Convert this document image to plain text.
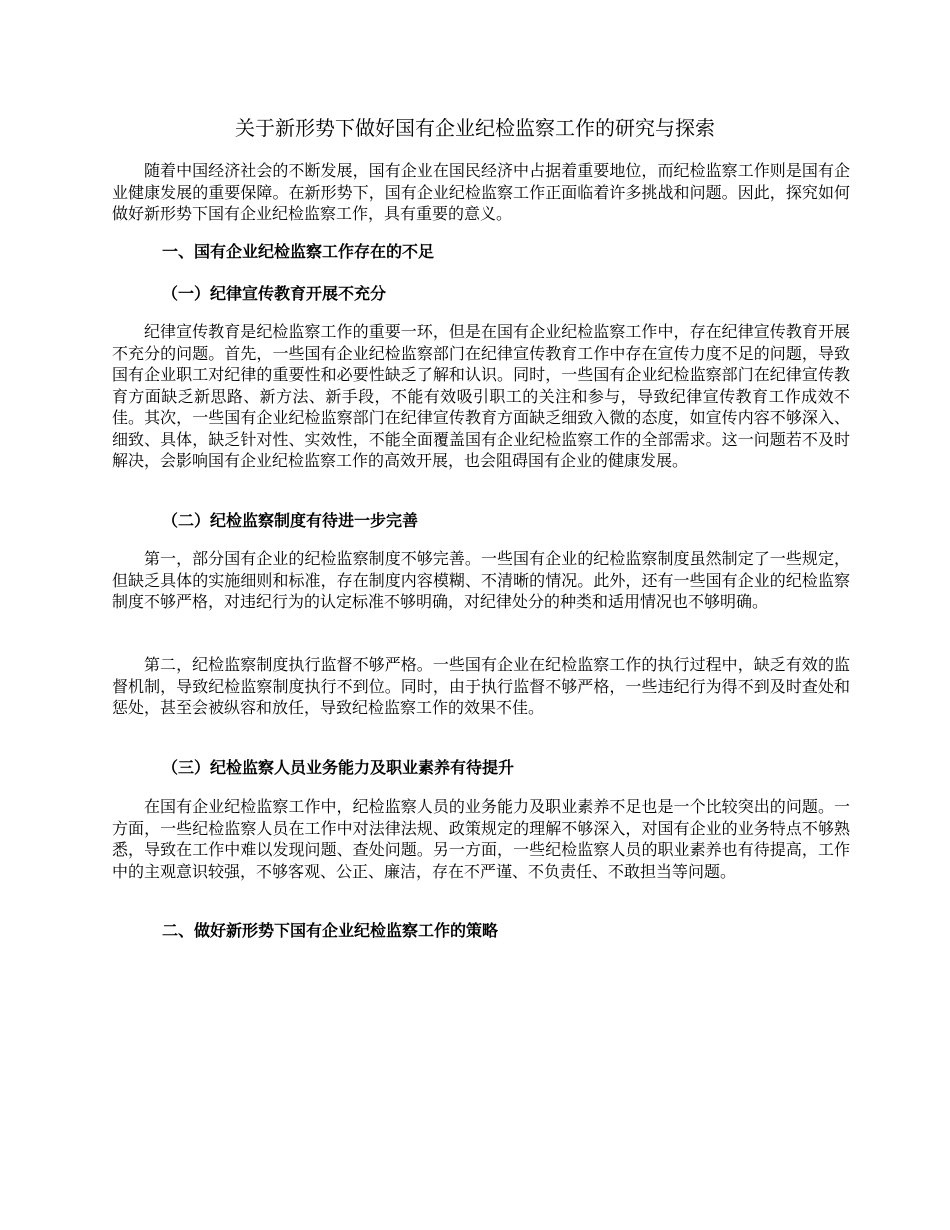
关于新形势下做好国有企业纪检监察工作的研究与探索

随着中国经济社会的不断发展，国有企业在国民经济中占据着重要地位，而纪检监察工作则是国有企业健康发展的重要保障。在新形势下，国有企业纪检监察工作正面临着许多挑战和问题。因此，探究如何做好新形势下国有企业纪检监察工作，具有重要的意义。

一、国有企业纪检监察工作存在的不足

（一）纪律宣传教育开展不充分

纪律宣传教育是纪检监察工作的重要一环，但是在国有企业纪检监察工作中，存在纪律宣传教育开展不充分的问题。首先，一些国有企业纪检监察部门在纪律宣传教育工作中存在宣传力度不足的问题，导致国有企业职工对纪律的重要性和必要性缺乏了解和认识。同时，一些国有企业纪检监察部门在纪律宣传教育方面缺乏新思路、新方法、新手段，不能有效吸引职工的关注和参与，导致纪律宣传教育工作成效不佳。其次，一些国有企业纪检监察部门在纪律宣传教育方面缺乏细致入微的态度，如宣传内容不够深入、细致、具体，缺乏针对性、实效性，不能全面覆盖国有企业纪检监察工作的全部需求。这一问题若不及时解决，会影响国有企业纪检监察工作的高效开展，也会阻碍国有企业的健康发展。

（二）纪检监察制度有待进一步完善

第一，部分国有企业的纪检监察制度不够完善。一些国有企业的纪检监察制度虽然制定了一些规定，但缺乏具体的实施细则和标准，存在制度内容模糊、不清晰的情况。此外，还有一些国有企业的纪检监察制度不够严格，对违纪行为的认定标准不够明确，对纪律处分的种类和适用情况也不够明确。

第二，纪检监察制度执行监督不够严格。一些国有企业在纪检监察工作的执行过程中，缺乏有效的监督机制，导致纪检监察制度执行不到位。同时，由于执行监督不够严格，一些违纪行为得不到及时查处和惩处，甚至会被纵容和放任，导致纪检监察工作的效果不佳。

（三）纪检监察人员业务能力及职业素养有待提升

在国有企业纪检监察工作中，纪检监察人员的业务能力及职业素养不足也是一个比较突出的问题。一方面，一些纪检监察人员在工作中对法律法规、政策规定的理解不够深入，对国有企业的业务特点不够熟悉，导致在工作中难以发现问题、查处问题。另一方面，一些纪检监察人员的职业素养也有待提高，工作中的主观意识较强，不够客观、公正、廉洁，存在不严谨、不负责任、不敢担当等问题。

二、做好新形势下国有企业纪检监察工作的策略
